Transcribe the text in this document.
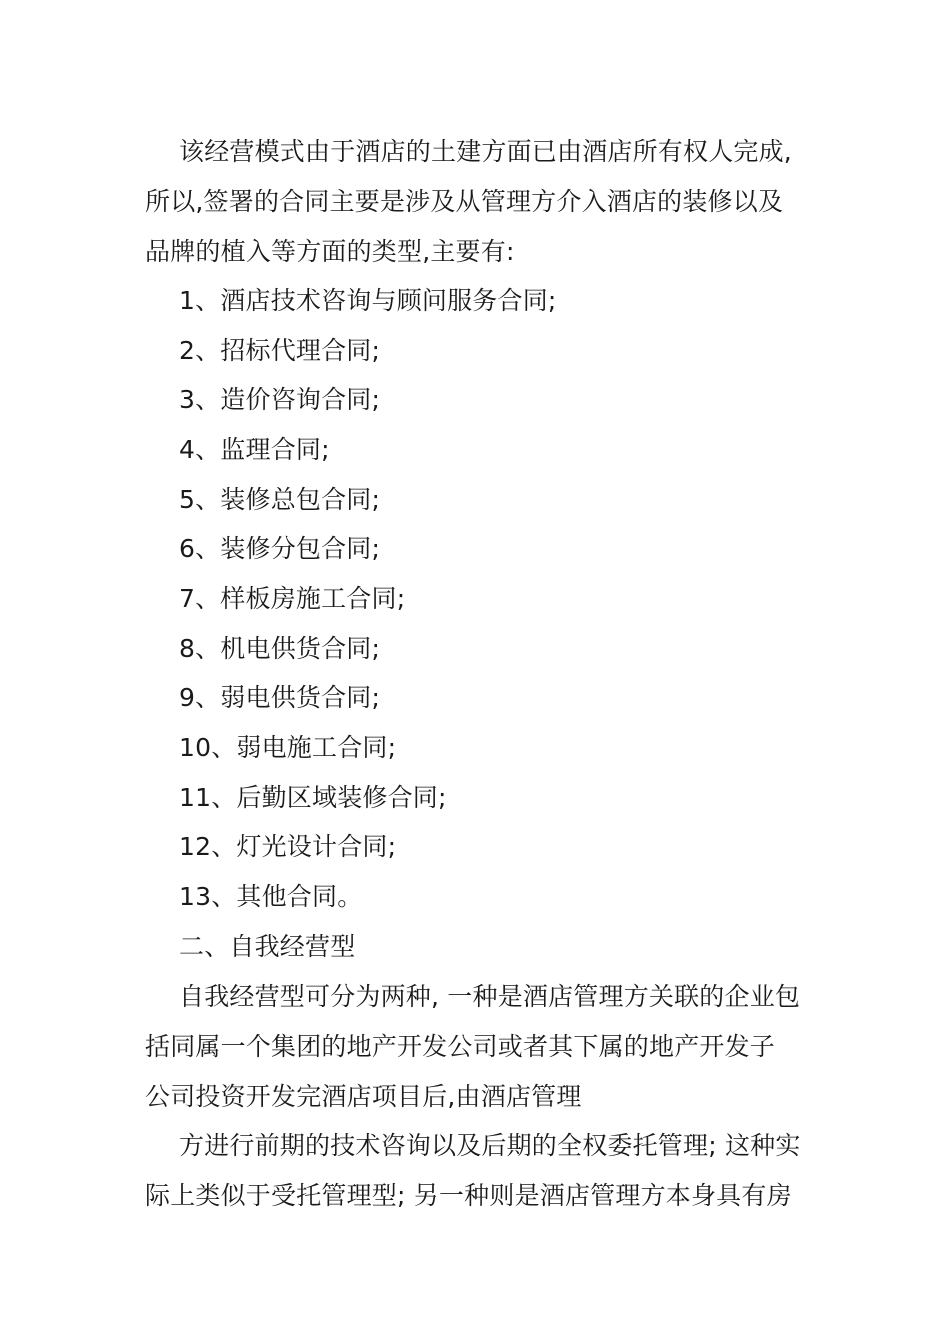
该经营模式由于酒店的土建方面已由酒店所有权人完成,
所以,签署的合同主要是涉及从管理方介入酒店的装修以及
品牌的植入等方面的类型,主要有:
1、酒店技术咨询与顾问服务合同;
2、招标代理合同;
3、造价咨询合同;
4、监理合同;
5、装修总包合同;
6、装修分包合同;
7、样板房施工合同;
8、机电供货合同;
9、弱电供货合同;
10、弱电施工合同;
11、后勤区域装修合同;
12、灯光设计合同;
13、其他合同。
二、自我经营型
自我经营型可分为两种, 一种是酒店管理方关联的企业包
括同属一个集团的地产开发公司或者其下属的地产开发子
公司投资开发完酒店项目后,由酒店管理
方进行前期的技术咨询以及后期的全权委托管理; 这种实
际上类似于受托管理型; 另一种则是酒店管理方本身具有房
